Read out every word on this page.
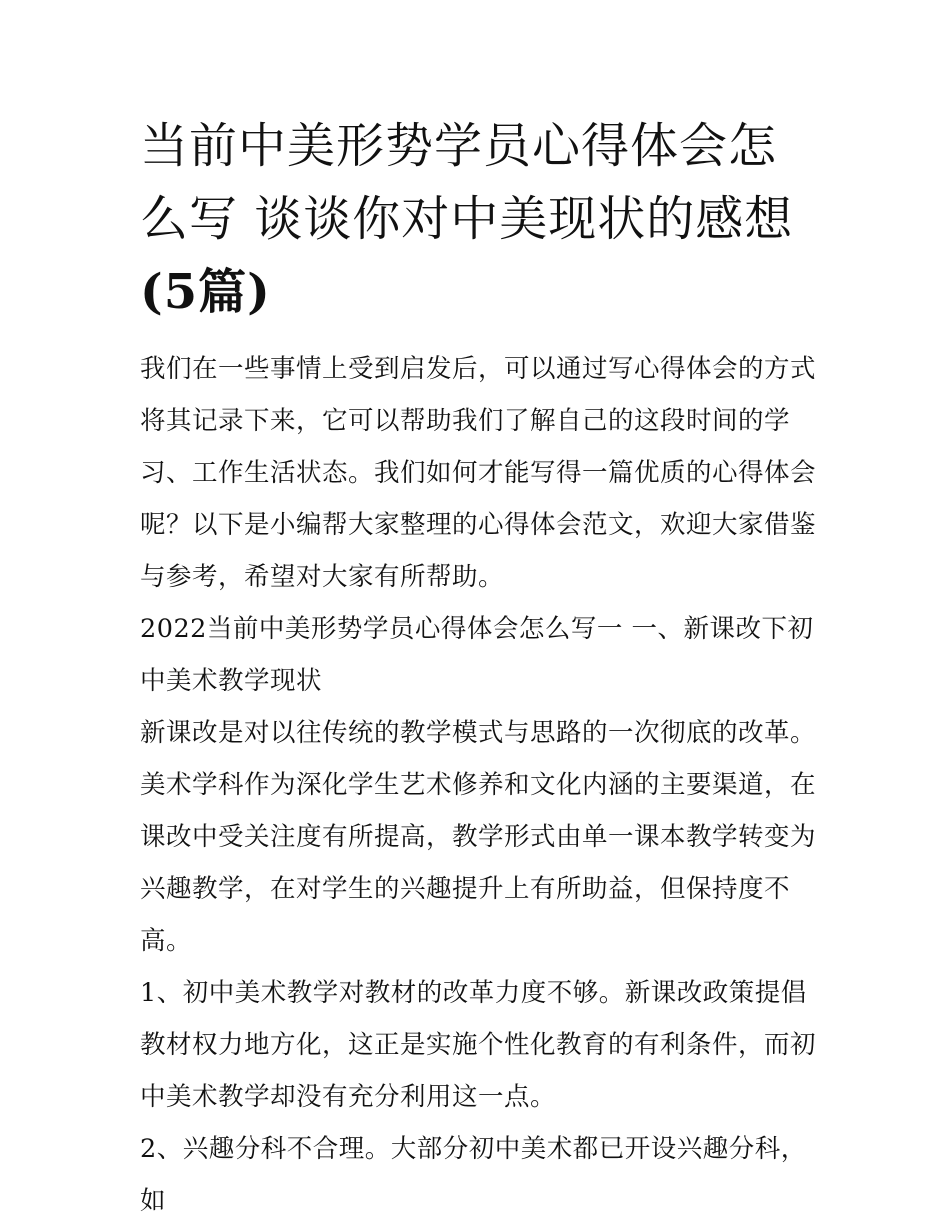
当前中美形势学员心得体会怎么写 谈谈你对中美现状的感想(5篇)

我们在一些事情上受到启发后，可以通过写心得体会的方式将其记录下来，它可以帮助我们了解自己的这段时间的学习、工作生活状态。我们如何才能写得一篇优质的心得体会呢？以下是小编帮大家整理的心得体会范文，欢迎大家借鉴与参考，希望对大家有所帮助。

2022当前中美形势学员心得体会怎么写一 一、新课改下初中美术教学现状

新课改是对以往传统的教学模式与思路的一次彻底的改革。美术学科作为深化学生艺术修养和文化内涵的主要渠道，在课改中受关注度有所提高，教学形式由单一课本教学转变为兴趣教学，在对学生的兴趣提升上有所助益，但保持度不高。

1、初中美术教学对教材的改革力度不够。新课改政策提倡教材权力地方化，这正是实施个性化教育的有利条件，而初中美术教学却没有充分利用这一点。

2、兴趣分科不合理。大部分初中美术都已开设兴趣分科，如
